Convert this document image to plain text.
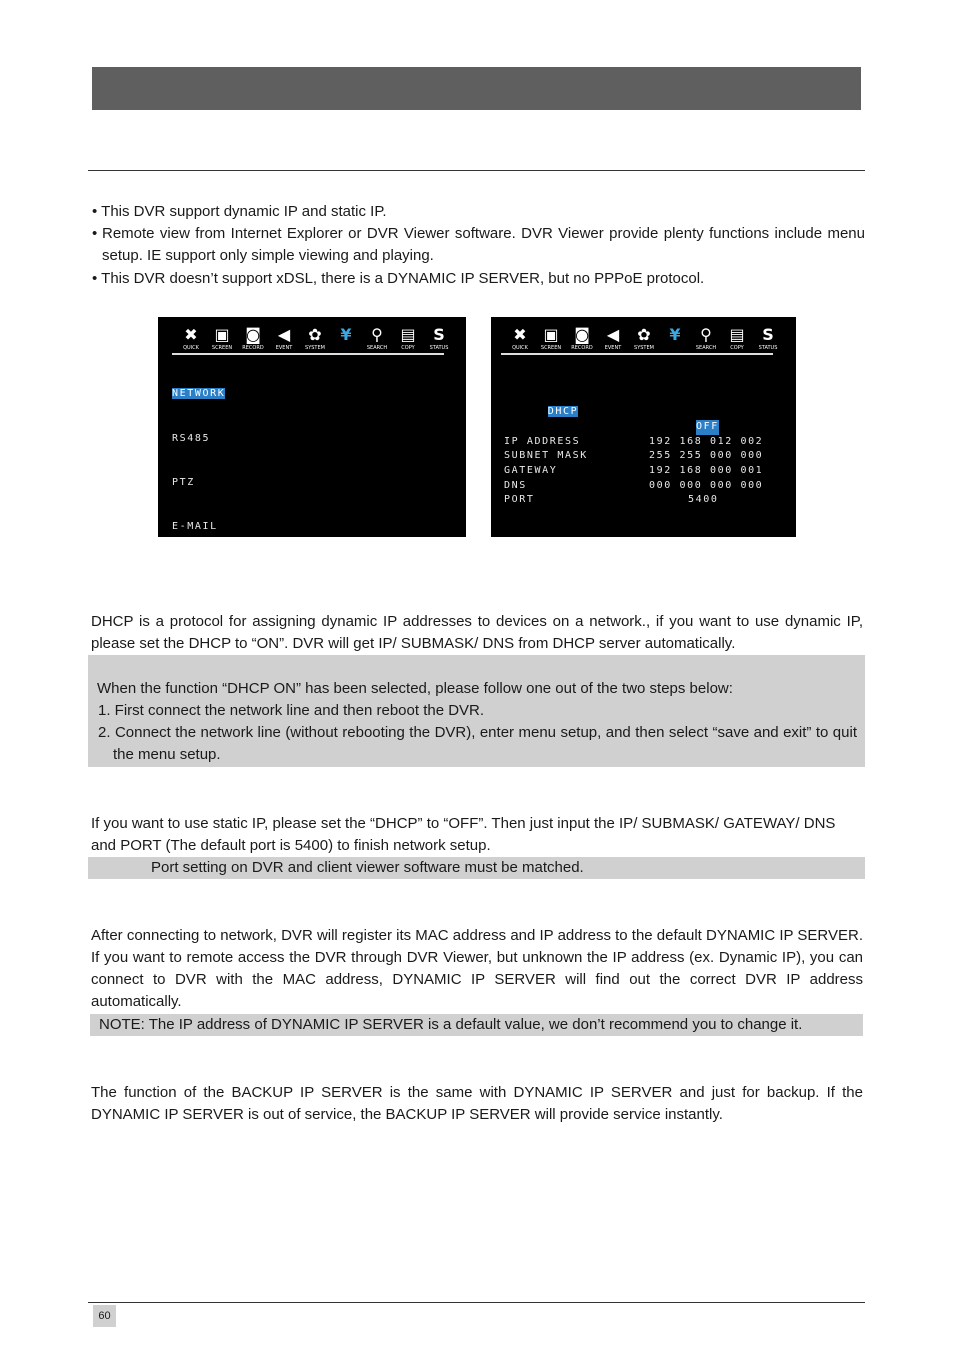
• This DVR support dynamic IP and static IP.
• Remote view from Internet Explorer or DVR Viewer software. DVR Viewer provide plenty functions include menu setup. IE support only simple viewing and playing.
• This DVR doesn’t support xDSL, there is a DYNAMIC IP SERVER, but no PPPoE protocol.
✖
QUICK
▣
SCREEN
◙
RECORD
◀
EVENT
✿
SYSTEM
¥	⚲
SEARCH
▤
COPY
S
STATUS

NETWORK

RS485

PTZ

E-MAIL

✖
QUICK
▣
SCREEN
◙
RECORD
◀
EVENT
✿
SYSTEM
¥	⚲
SEARCH
▤
COPY
S
STATUS

DHCP

OFF

IP ADDRESS	192 168 012 002
SUBNET MASK	255 255 000 000
GATEWAY	192 168 000 001
DNS	000 000 000 000
PORT	5400

DHCP is a protocol for assigning dynamic IP addresses to devices on a network., if you want to use dynamic IP, please set the DHCP to “ON”. DVR will get IP/ SUBMASK/ DNS from DHCP server automatically.
When the function “DHCP ON” has been selected, please follow one out of the two steps below:
1. First connect the network line and then reboot the DVR.
2. Connect the network line (without rebooting the DVR), enter menu setup, and then select “save and exit” to quit the menu setup.
If you want to use static IP, please set the “DHCP” to “OFF”. Then just input the IP/ SUBMASK/ GATEWAY/ DNS and PORT (The default port is 5400) to finish network setup.
Port setting on DVR and client viewer software must be matched.
After connecting to network, DVR will register its MAC address and IP address to the default DYNAMIC IP SERVER. If you want to remote access the DVR through DVR Viewer, but unknown the IP address (ex. Dynamic IP), you can connect to DVR with the MAC address, DYNAMIC IP SERVER will find out the correct DVR IP address automatically.
NOTE: The IP address of DYNAMIC IP SERVER is a default value, we don’t recommend you to change it.
The function of the BACKUP IP SERVER is the same with DYNAMIC IP SERVER and just for backup. If the DYNAMIC IP SERVER is out of service, the BACKUP IP SERVER will provide service instantly.
60
